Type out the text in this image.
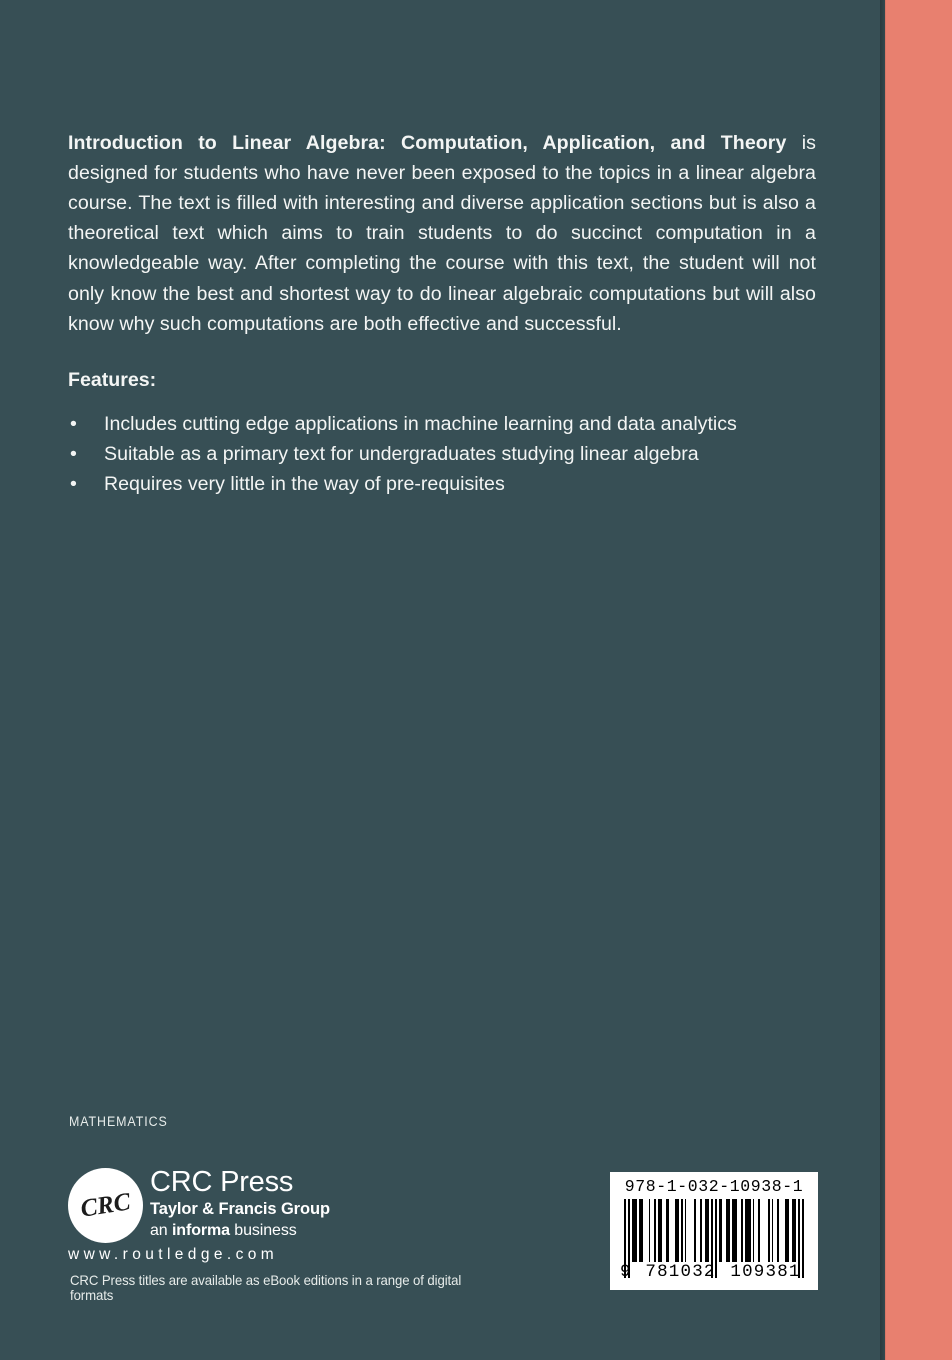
Introduction to Linear Algebra: Computation, Application, and Theory is designed for students who have never been exposed to the topics in a linear algebra course. The text is filled with interesting and diverse application sections but is also a theoretical text which aims to train students to do succinct computation in a knowledgeable way. After completing the course with this text, the student will not only know the best and shortest way to do linear algebraic computations but will also know why such computations are both effective and successful.

Features:
• Includes cutting edge applications in machine learning and data analytics
• Suitable as a primary text for undergraduates studying linear algebra
• Requires very little in the way of pre-requisites
MATHEMATICS
CRC
CRC Press
Taylor & Francis Group
an informa business
www.routledge.com
CRC Press titles are available as eBook editions in a range of digital formats
978-1-032-10938-1
9 781032 109381
